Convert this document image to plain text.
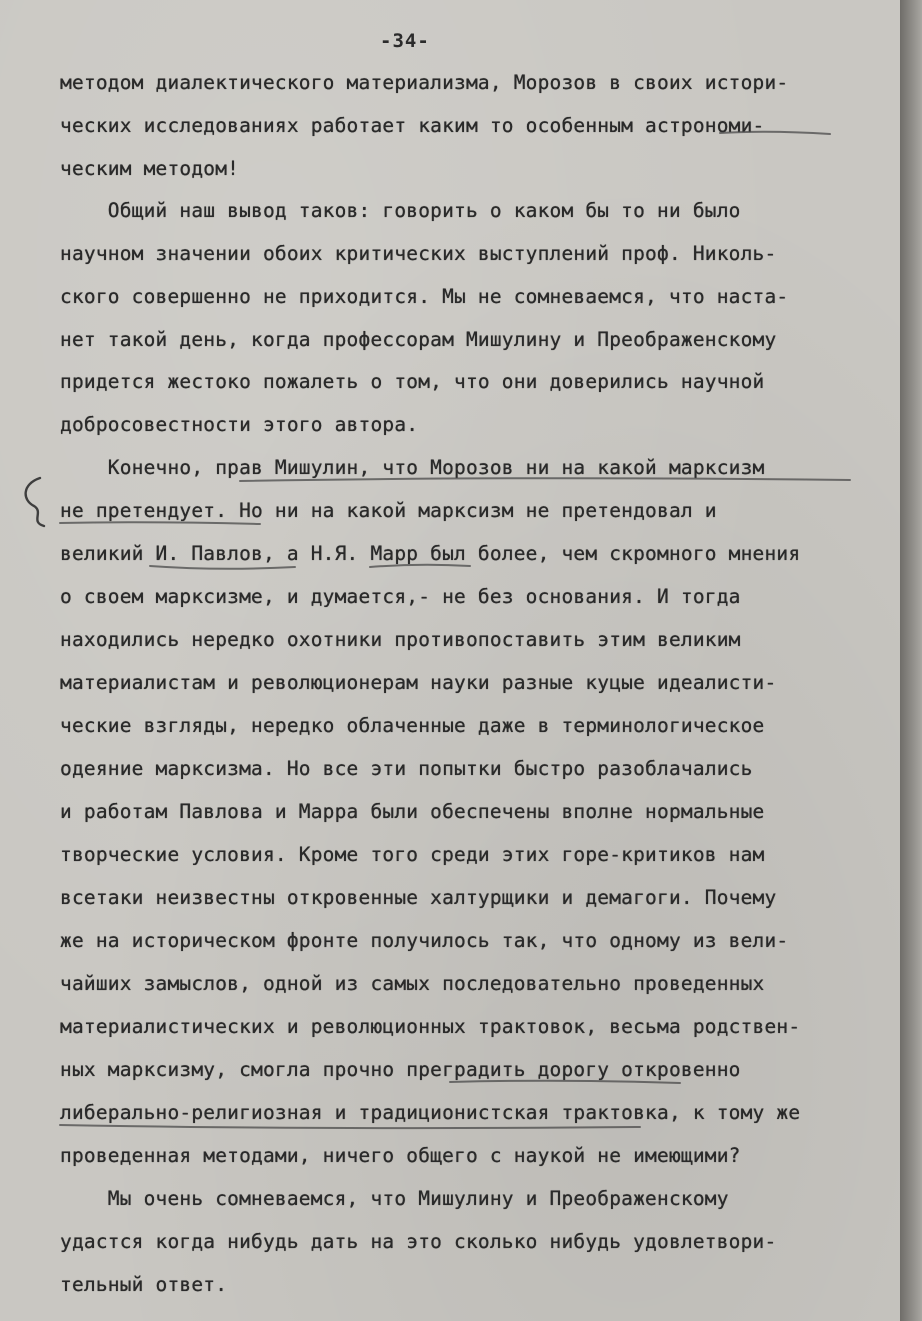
-34-
методом диалектического материализма, Морозов в своих истори-
ческих исследованиях работает каким то особенным астрономи-
ческим методом!
Общий наш вывод таков: говорить о каком бы то ни было
научном значении обоих критических выступлений проф. Николь-
ского совершенно не приходится. Мы не сомневаемся, что наста-
нет такой день, когда профессорам Мишулину и Преображенскому
придется жестоко пожалеть о том, что они доверились научной
добросовестности этого автора.
Конечно, прав Мишулин, что Морозов ни на какой марксизм
не претендует. Но ни на какой марксизм не претендовал и
великий И. Павлов, а Н.Я. Марр был более, чем скромного мнения
о своем марксизме, и думается,- не без основания. И тогда
находились нередко охотники противопоставить этим великим
материалистам и революционерам науки разные куцые идеалисти-
ческие взгляды, нередко облаченные даже в терминологическое
одеяние марксизма. Но все эти попытки быстро разоблачались
и работам Павлова и Марра были обеспечены вполне нормальные
творческие условия. Кроме того среди этих горе-критиков нам
всетаки неизвестны откровенные халтурщики и демагоги. Почему
же на историческом фронте получилось так, что одному из вели-
чайших замыслов, одной из самых последовательно проведенных
материалистических и революционных трактовок, весьма родствен-
ных марксизму, смогла прочно преградить дорогу откровенно
либерально-религиозная и традиционистская трактовка, к тому же
проведенная методами, ничего общего с наукой не имеющими?
Мы очень сомневаемся, что Мишулину и Преображенскому
удастся когда нибудь дать на это сколько нибудь удовлетвори-
тельный ответ.
